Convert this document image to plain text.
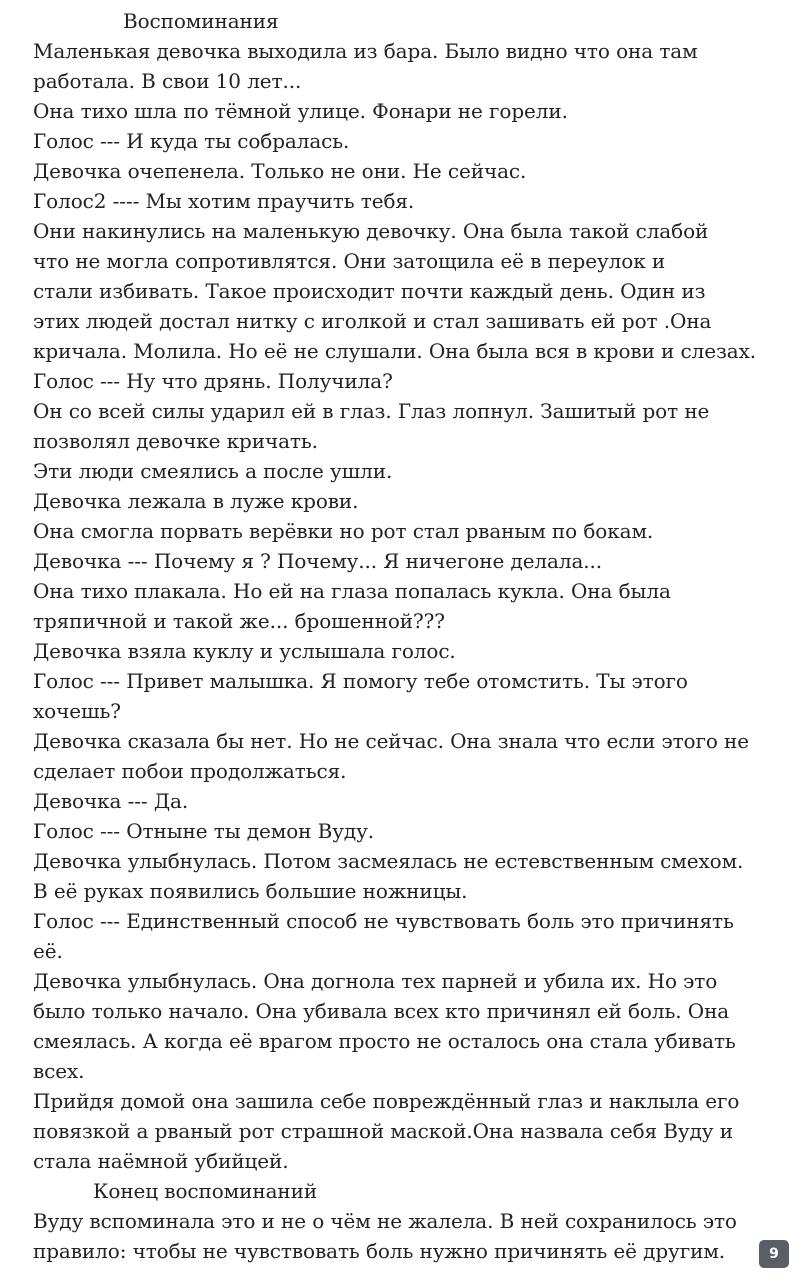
Воспоминания
Маленькая девочка выходила из бара. Было видно что она там
работала. В свои 10 лет...
Она тихо шла по тёмной улице. Фонари не горели.
Голос --- И куда ты собралась.
Девочка очепенела. Только не они. Не сейчас.
Голос2 ---- Мы хотим праучить тебя.
Они накинулись на маленькую девочку. Она была такой слабой
что не могла сопротивлятся. Они затощила её в переулок и
стали избивать. Такое происходит почти каждый день. Один из
этих людей достал нитку с иголкой и стал зашивать ей рот .Она
кричала. Молила. Но её не слушали. Она была вся в крови и слезах.
Голос --- Ну что дрянь. Получила?
Он со всей силы ударил ей в глаз. Глаз лопнул. Зашитый рот не
позволял девочке кричать.
Эти люди смеялись а после ушли.
Девочка лежала в луже крови.
Она смогла порвать верёвки но рот стал рваным по бокам.
Девочка --- Почему я ? Почему... Я ничегоне делала...
Она тихо плакала. Но ей на глаза попалась кукла. Она была
тряпичной и такой же... брошенной???
Девочка взяла куклу и услышала голос.
Голос --- Привет малышка. Я помогу тебе отомстить. Ты этого
хочешь?
Девочка сказала бы нет. Но не сейчас. Она знала что если этого не
сделает побои продолжаться.
Девочка --- Да.
Голос --- Отныне ты демон Вуду.
Девочка улыбнулась. Потом засмеялась не естевственным смехом.
В её руках появились большие ножницы.
Голос --- Единственный способ не чувствовать боль это причинять
её.
Девочка улыбнулась. Она догнола тех парней и убила их. Но это
было только начало. Она убивала всех кто причинял ей боль. Она
смеялась. А когда её врагом просто не осталось она стала убивать
всех.
Прийдя домой она зашила себе повреждённый глаз и наклыла его
повязкой а рваный рот страшной маской.Она назвала себя Вуду и
стала наёмной убийцей.
Конец воспоминаний
Вуду вспоминала это и не о чём не жалела. В ней сохранилось это
правило: чтобы не чувствовать боль нужно причинять её другим.	9
